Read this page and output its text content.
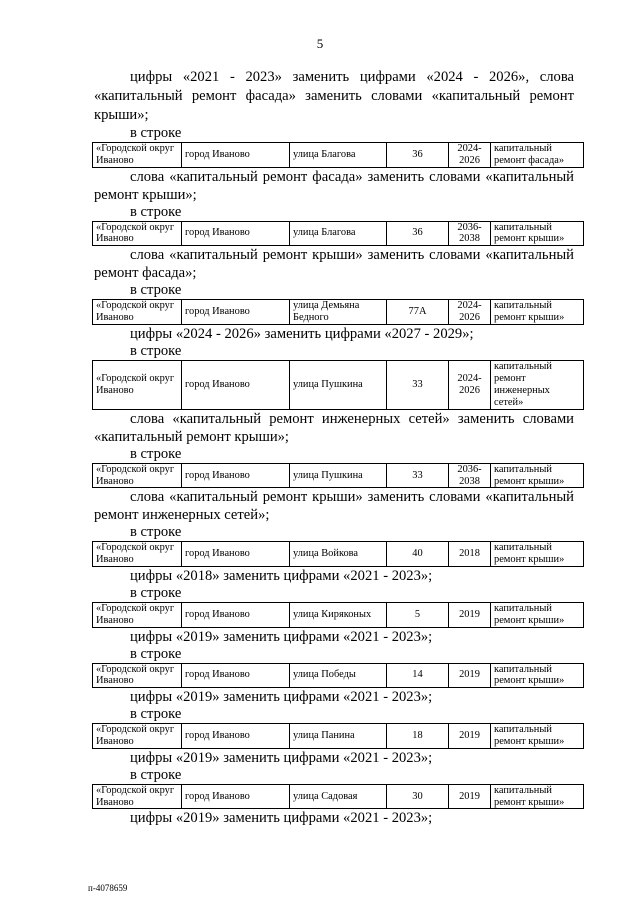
5

цифры «2021 - 2023» заменить цифрами «2024 - 2026», слова «капитальный ремонт фасада» заменить словами «капитальный ремонт крыши»;

в строке

«Городской округ Иваново	город Иваново	улица Благова	36	2024-2026	капитальный ремонт фасада»

слова «капитальный ремонт фасада» заменить словами «капитальный ремонт крыши»;

в строке

«Городской округ Иваново	город Иваново	улица Благова	36	2036-2038	капитальный ремонт крыши»

слова «капитальный ремонт крыши» заменить словами «капитальный ремонт фасада»;

в строке

«Городской округ Иваново	город Иваново	улица Демьяна Бедного	77А	2024-2026	капитальный ремонт крыши»

цифры «2024 - 2026» заменить цифрами «2027 - 2029»;

в строке

«Городской округ Иваново	город Иваново	улица Пушкина	33	2024-2026	капитальный ремонт инженерных сетей»

слова «капитальный ремонт инженерных сетей» заменить словами «капитальный ремонт крыши»;

в строке

«Городской округ Иваново	город Иваново	улица Пушкина	33	2036-2038	капитальный ремонт крыши»

слова «капитальный ремонт крыши» заменить словами «капитальный ремонт инженерных сетей»;

в строке

«Городской округ Иваново	город Иваново	улица Войкова	40	2018	капитальный ремонт крыши»

цифры «2018» заменить цифрами «2021 - 2023»;

в строке

«Городской округ Иваново	город Иваново	улица Киряконых	5	2019	капитальный ремонт крыши»

цифры «2019» заменить цифрами «2021 - 2023»;

в строке

«Городской округ Иваново	город Иваново	улица Победы	14	2019	капитальный ремонт крыши»

цифры «2019» заменить цифрами «2021 - 2023»;

в строке

«Городской округ Иваново	город Иваново	улица Панина	18	2019	капитальный ремонт крыши»

цифры «2019» заменить цифрами «2021 - 2023»;

в строке

«Городской округ Иваново	город Иваново	улица Садовая	30	2019	капитальный ремонт крыши»

цифры «2019» заменить цифрами «2021 - 2023»;

п-4078659
